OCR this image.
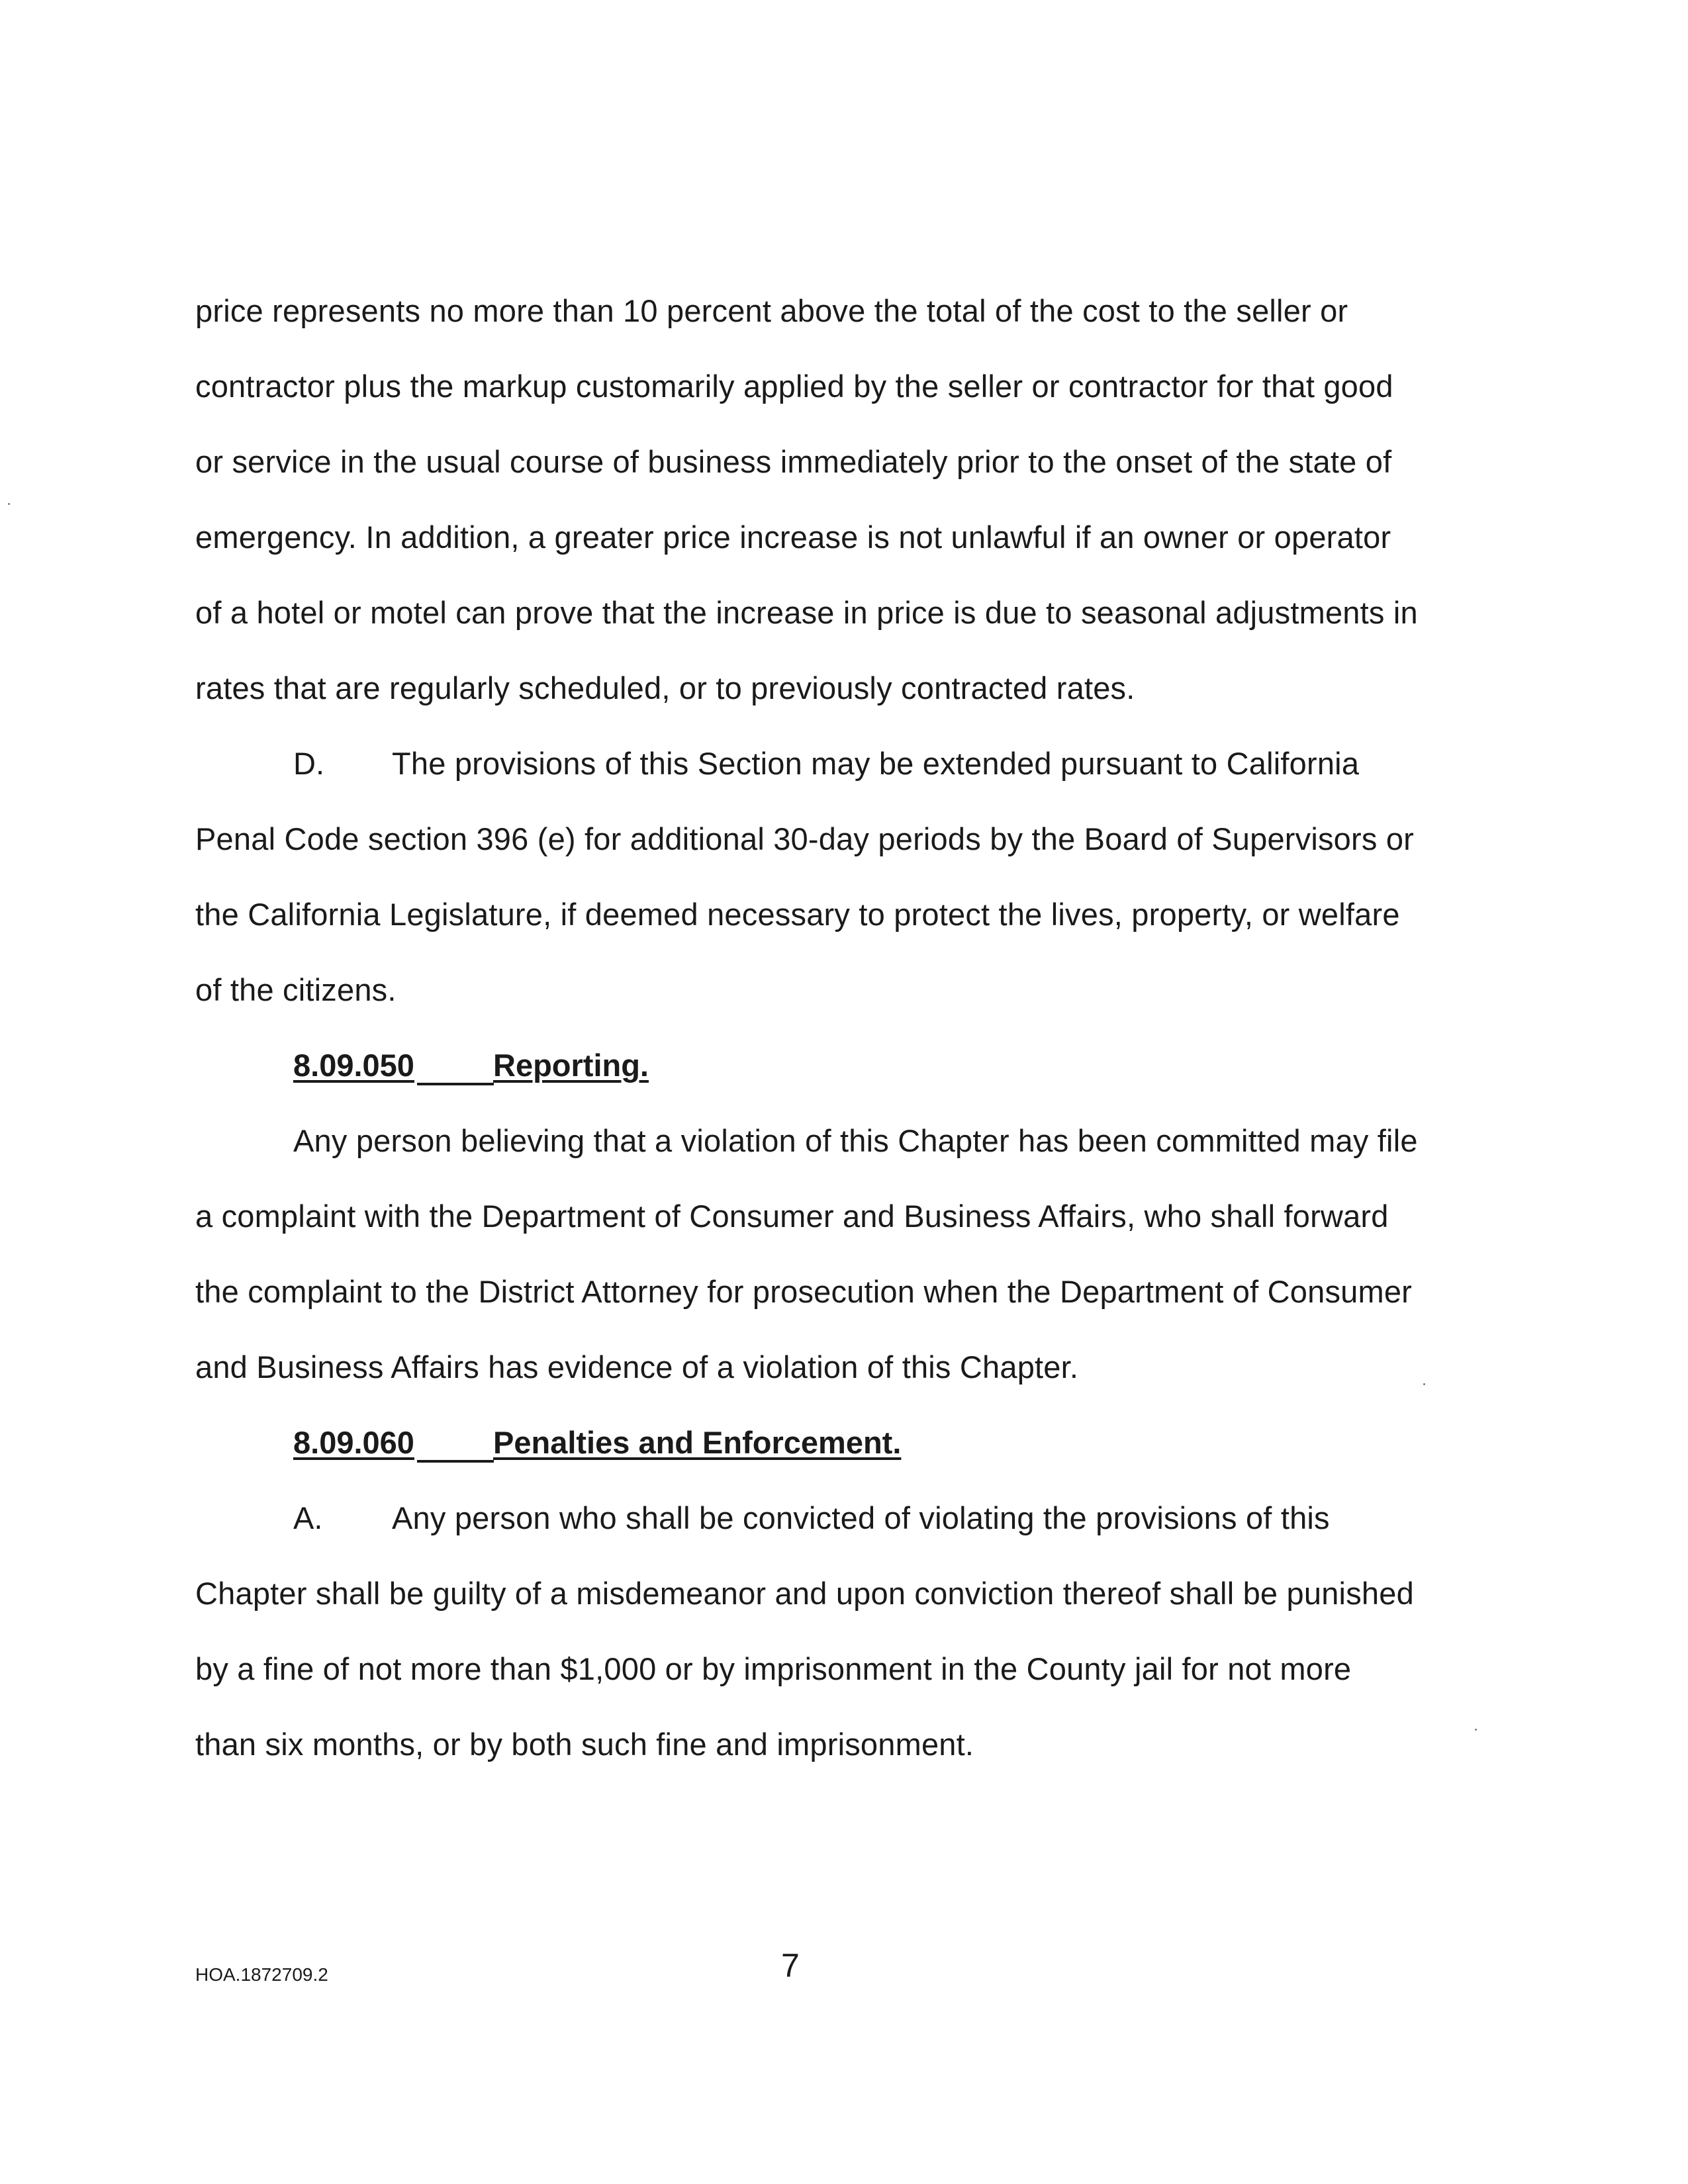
price represents no more than 10 percent above the total of the cost to the seller or
contractor plus the markup customarily applied by the seller or contractor for that good
or service in the usual course of business immediately prior to the onset of the state of
emergency. In addition, a greater price increase is not unlawful if an owner or operator
of a hotel or motel can prove that the increase in price is due to seasonal adjustments in
rates that are regularly scheduled, or to previously contracted rates.
D. The provisions of this Section may be extended pursuant to California
Penal Code section 396 (e) for additional 30-day periods by the Board of Supervisors or
the California Legislature, if deemed necessary to protect the lives, property, or welfare
of the citizens.
8.09.050	Reporting.
Any person believing that a violation of this Chapter has been committed may file
a complaint with the Department of Consumer and Business Affairs, who shall forward
the complaint to the District Attorney for prosecution when the Department of Consumer
and Business Affairs has evidence of a violation of this Chapter.
8.09.060	Penalties and Enforcement.
A. Any person who shall be convicted of violating the provisions of this
Chapter shall be guilty of a misdemeanor and upon conviction thereof shall be punished
by a fine of not more than $1,000 or by imprisonment in the County jail for not more
than six months, or by both such fine and imprisonment.
HOA.1872709.2	7
